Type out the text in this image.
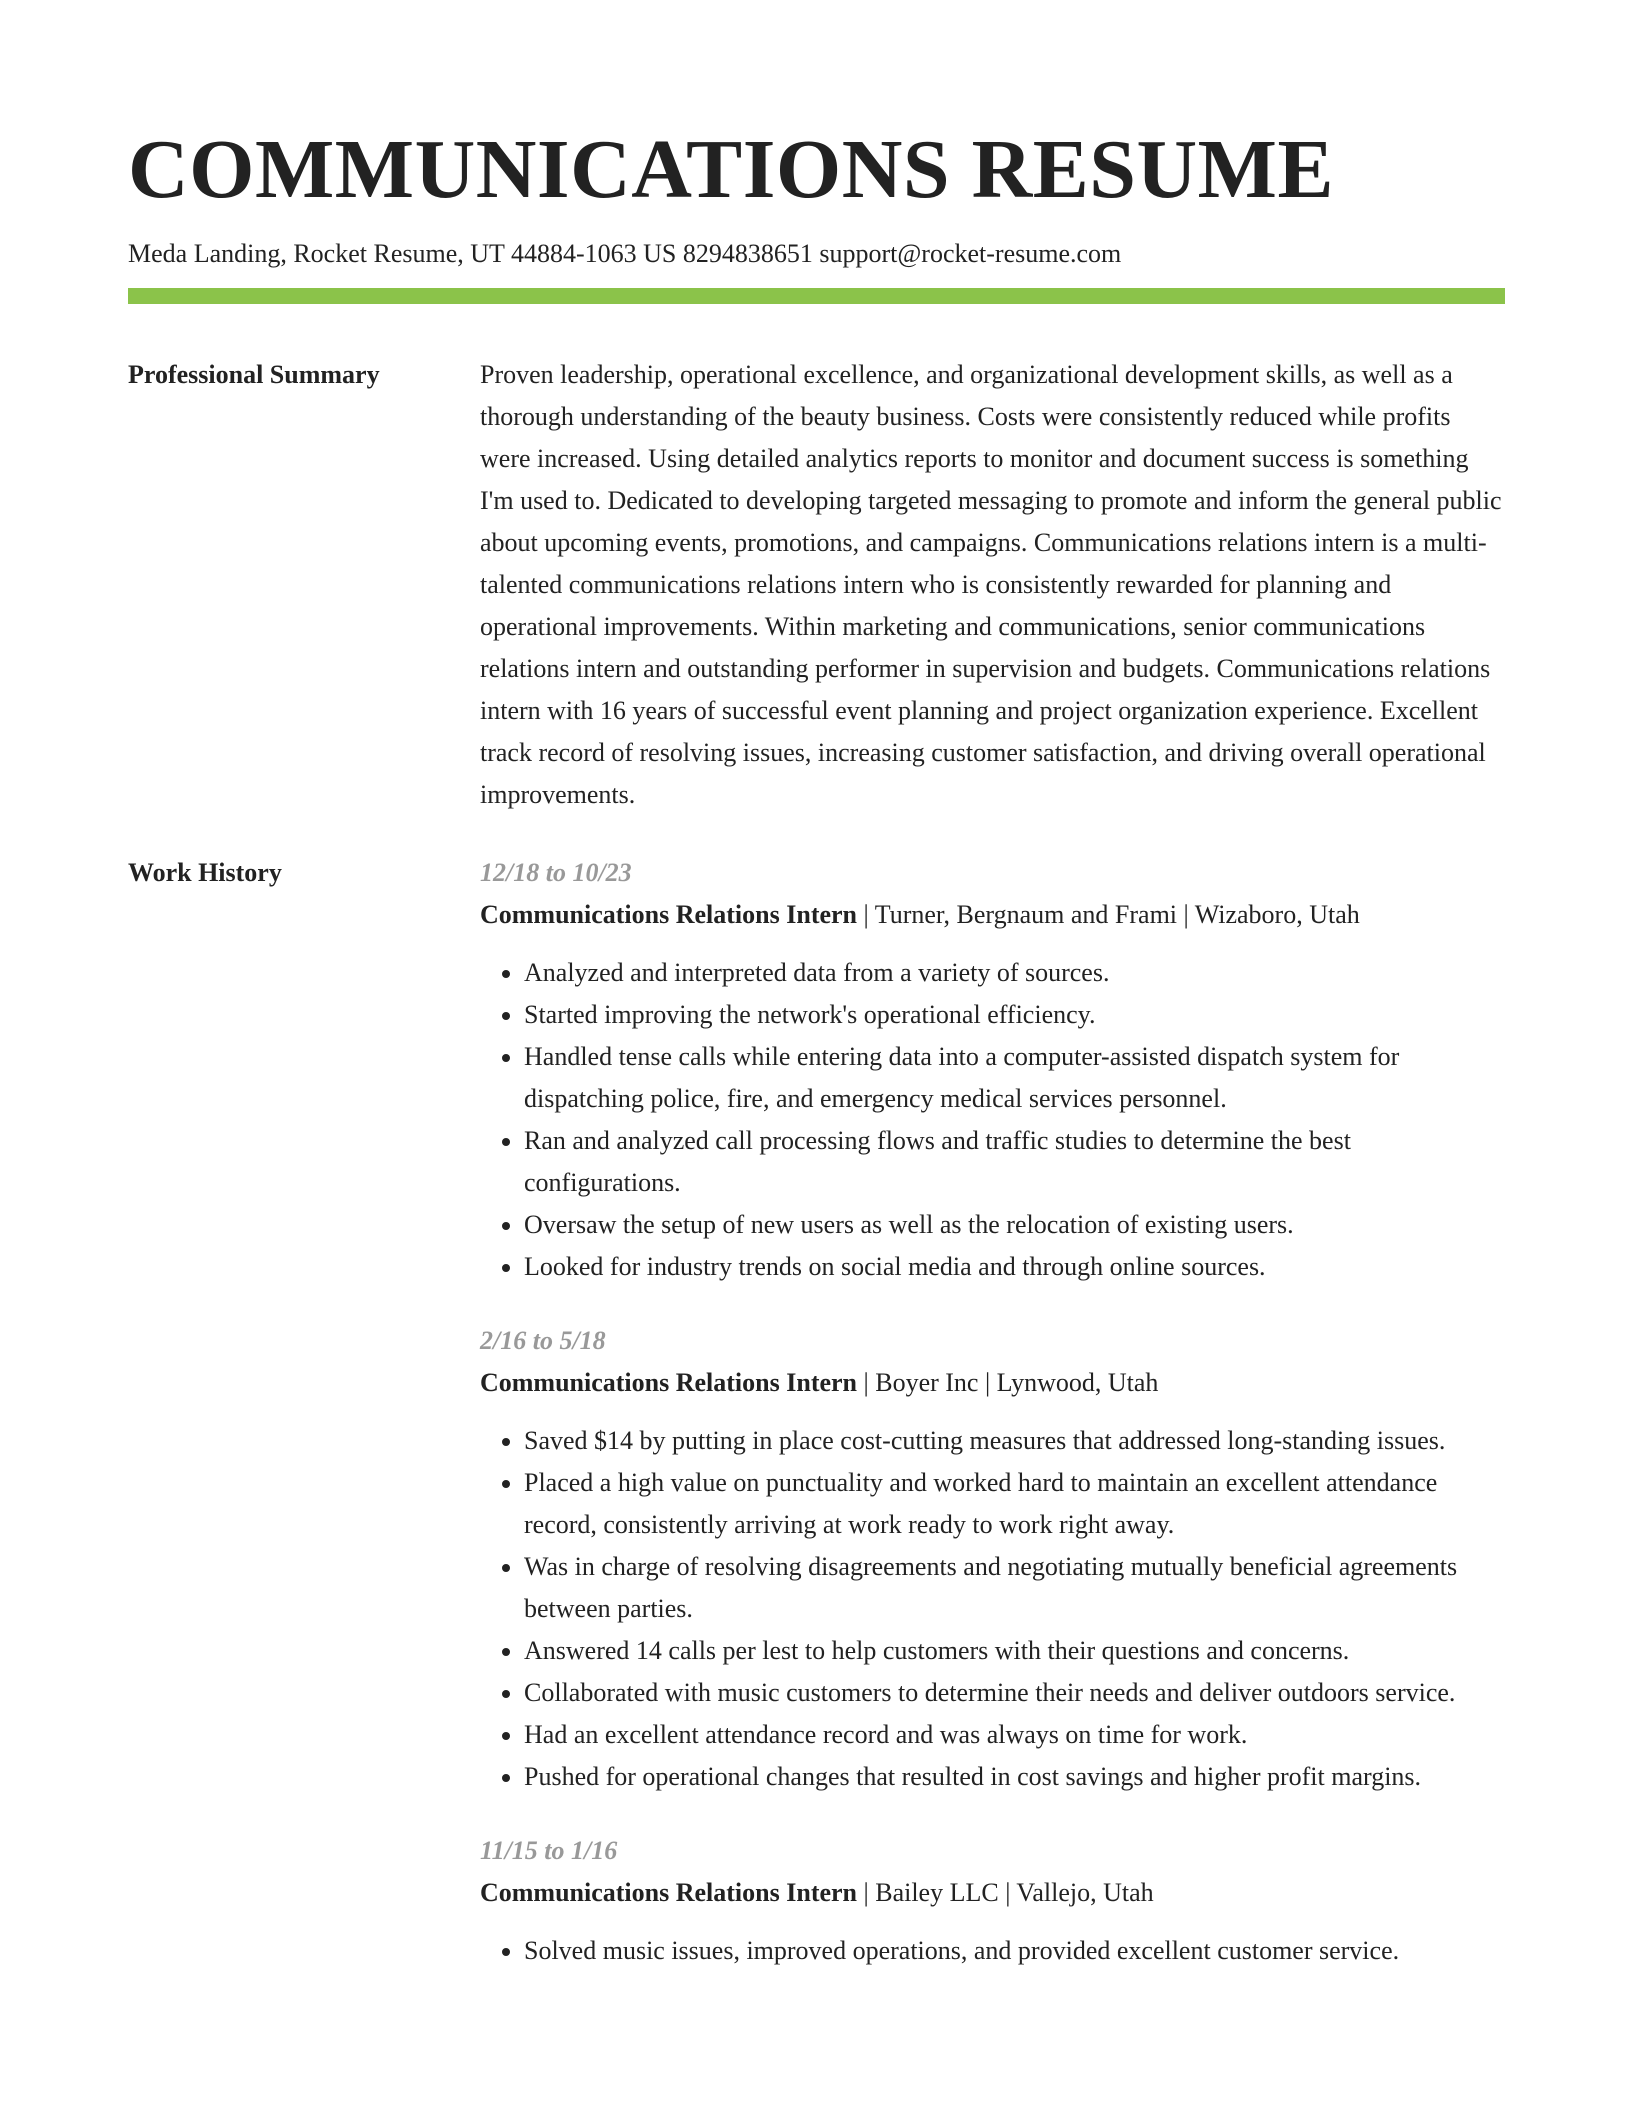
COMMUNICATIONS RESUME
Meda Landing, Rocket Resume, UT 44884-1063 US 8294838651 support@rocket-resume.com
Professional Summary	Proven leadership, operational excellence, and organizational development skills, as well as a thorough understanding of the beauty business. Costs were consistently reduced while profits were increased. Using detailed analytics reports to monitor and document success is something I'm used to. Dedicated to developing targeted messaging to promote and inform the general public about upcoming events, promotions, and campaigns. Communications relations intern is a multi-talented communications relations intern who is consistently rewarded for planning and operational improvements. Within marketing and communications, senior communications relations intern and outstanding performer in supervision and budgets. Communications relations intern with 16 years of successful event planning and project organization experience. Excellent track record of resolving issues, increasing customer satisfaction, and driving overall operational improvements.

Work History	12/18 to 10/23
Communications Relations Intern | Turner, Bergnaum and Frami | Wizaboro, Utah
• Analyzed and interpreted data from a variety of sources.
• Started improving the network's operational efficiency.
• Handled tense calls while entering data into a computer-assisted dispatch system for dispatching police, fire, and emergency medical services personnel.
• Ran and analyzed call processing flows and traffic studies to determine the best configurations.
• Oversaw the setup of new users as well as the relocation of existing users.
• Looked for industry trends on social media and through online sources.
2/16 to 5/18
Communications Relations Intern | Boyer Inc | Lynwood, Utah
• Saved $14 by putting in place cost-cutting measures that addressed long-standing issues.
• Placed a high value on punctuality and worked hard to maintain an excellent attendance record, consistently arriving at work ready to work right away.
• Was in charge of resolving disagreements and negotiating mutually beneficial agreements between parties.
• Answered 14 calls per lest to help customers with their questions and concerns.
• Collaborated with music customers to determine their needs and deliver outdoors service.
• Had an excellent attendance record and was always on time for work.
• Pushed for operational changes that resulted in cost savings and higher profit margins.
11/15 to 1/16
Communications Relations Intern | Bailey LLC | Vallejo, Utah
• Solved music issues, improved operations, and provided excellent customer service.
